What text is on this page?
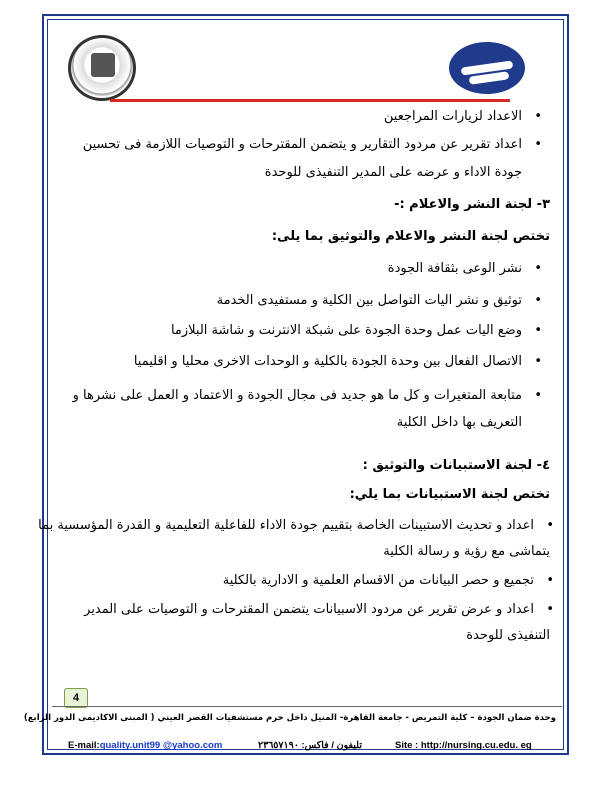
• الاعداد لزيارات المراجعين
• اعداد تقرير عن مردود التقارير و يتضمن المقترحات و التوصيات اللازمة فى تحسين
جودة الاداء و عرضه على المدير التنفيذى للوحدة
٣- لجنة النشر والاعلام :-
تختص لجنة النشر والاعلام والتوثيق بما يلى:
• نشر الوعى بثقافة الجودة
• توثيق و نشر اليات التواصل بين الكلية و مستفيدى الخدمة
• وضع اليات عمل وحدة الجودة على شبكة الانترنت و شاشة البلازما
• الاتصال الفعال بين وحدة الجودة بالكلية و الوحدات الاخرى محليا و اقليميا
• متابعة المتغيرات و كل ما هو جديد فى مجال الجودة و الاعتماد و العمل على نشرها و
التعريف بها داخل الكلية
٤- لجنة الاستبيانات والتوثيق :
تختص لجنة الاستبيانات بما يلي:
• اعداد و تحديث الاستبينات الخاصة بتقييم جودة الاداء للفاعلية التعليمية و القدرة المؤسسية بما
يتماشى مع رؤية و رسالة الكلية
• تجميع و حصر البيانات من الاقسام العلمية و الادارية بالكلية
• اعداد و عرض تقرير عن مردود الاسبيانات يتضمن المقترحات و التوصيات على المدير
التنفيذى للوحدة
4
وحدة ضمان الجودة – كلية التمريض - جامعة القاهرة- المنيل داخل حرم مستشفيات القصر العيني ( المبنى الاكاديمى الدور الرابع)
E-mail:quality.unit99 @yahoo.com	تليفون / فاكس: ٢٣٦٥٧١٩٠	Site : http://nursing.cu.edu. eg
